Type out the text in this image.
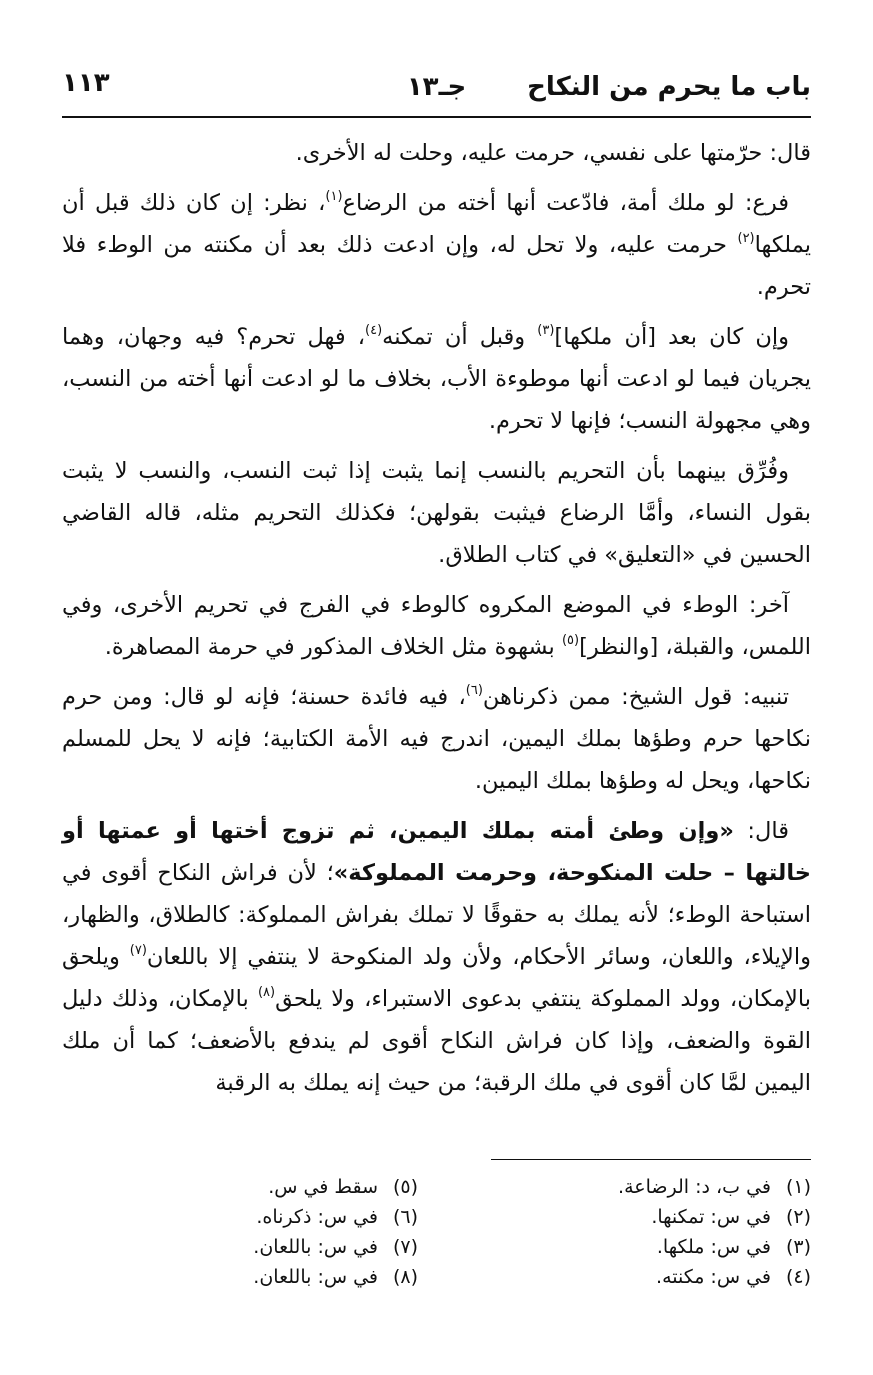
باب ما يحرم من النكاح
جـ١٣
١١٣

قال: حرّمتها على نفسي، حرمت عليه، وحلت له الأخرى.

فرع: لو ملك أمة، فادّعت أنها أخته من الرضاع$^{(١)}$، نظر: إن كان ذلك قبل أن يملكها$^{(٢)}$ حرمت عليه، ولا تحل له، وإن ادعت ذلك بعد أن مكنته من الوطء فلا تحرم.

وإن كان بعد [أن ملكها]$^{(٣)}$ وقبل أن تمكنه$^{(٤)}$، فهل تحرم؟ فيه وجهان، وهما يجريان فيما لو ادعت أنها موطوءة الأب، بخلاف ما لو ادعت أنها أخته من النسب، وهي مجهولة النسب؛ فإنها لا تحرم.

وفُرِّق بينهما بأن التحريم بالنسب إنما يثبت إذا ثبت النسب، والنسب لا يثبت بقول النساء، وأمَّا الرضاع فيثبت بقولهن؛ فكذلك التحريم مثله، قاله القاضي الحسين في «التعليق» في كتاب الطلاق.

آخر: الوطء في الموضع المكروه كالوطء في الفرج في تحريم الأخرى، وفي اللمس، والقبلة، [والنظر]$^{(٥)}$ بشهوة مثل الخلاف المذكور في حرمة المصاهرة.

تنبيه: قول الشيخ: ممن ذكرناهن$^{(٦)}$، فيه فائدة حسنة؛ فإنه لو قال: ومن حرم نكاحها حرم وطؤها بملك اليمين، اندرج فيه الأمة الكتابية؛ فإنه لا يحل للمسلم نكاحها، ويحل له وطؤها بملك اليمين.

قال: «وإن وطئ أمته بملك اليمين، ثم تزوج أختها أو عمتها أو خالتها – حلت المنكوحة، وحرمت المملوكة»؛ لأن فراش النكاح أقوى في استباحة الوطء؛ لأنه يملك به حقوقًا لا تملك بفراش المملوكة: كالطلاق، والظهار، والإيلاء، واللعان، وسائر الأحكام، ولأن ولد المنكوحة لا ينتفي إلا باللعان$^{(٧)}$ ويلحق بالإمكان، وولد المملوكة ينتفي بدعوى الاستبراء، ولا يلحق$^{(٨)}$ بالإمكان، وذلك دليل القوة والضعف، وإذا كان فراش النكاح أقوى لم يندفع بالأضعف؛ كما أن ملك اليمين لمَّا كان أقوى في ملك الرقبة؛ من حيث إنه يملك به الرقبة

(١)في ب، د: الرضاعة.
(٢)في س: تمكنها.
(٣)في س: ملكها.
(٤)في س: مكنته.
(٥)سقط في س.
(٦)في س: ذكرناه.
(٧)في س: باللعان.
(٨)في س: باللعان.
